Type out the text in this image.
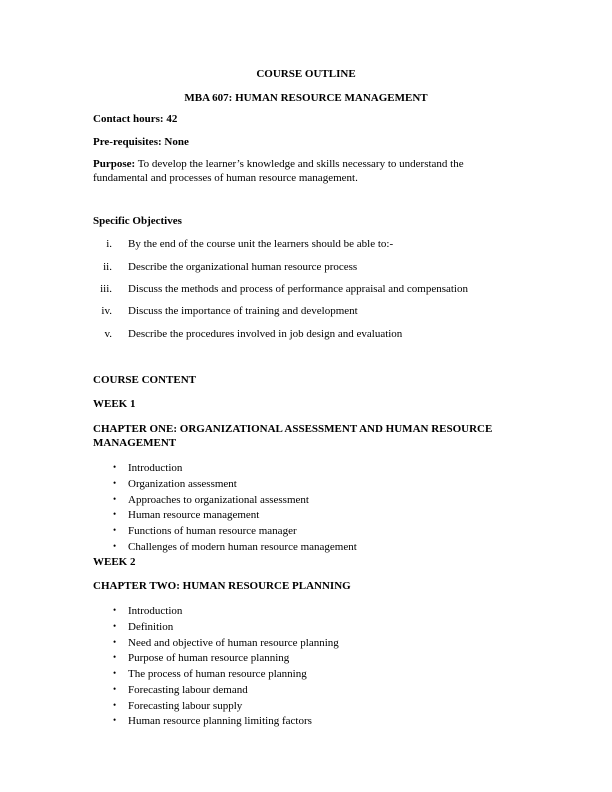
COURSE OUTLINE
MBA 607: HUMAN RESOURCE MANAGEMENT
Contact hours: 42
Pre-requisites: None
Purpose: To develop the learner’s knowledge and skills necessary to understand the fundamental and processes of human resource management.
Specific Objectives
i. By the end of the course unit the learners should be able to:-
ii. Describe the organizational human resource process
iii. Discuss the methods and process of performance appraisal and compensation
iv. Discuss the importance of training and development
v. Describe the procedures involved in job design and evaluation
COURSE CONTENT
WEEK 1
CHAPTER ONE: ORGANIZATIONAL ASSESSMENT AND HUMAN RESOURCE
MANAGEMENT
• Introduction
• Organization assessment
• Approaches to organizational assessment
• Human resource management
• Functions of human resource manager
• Challenges of modern human resource management
WEEK 2
CHAPTER TWO: HUMAN RESOURCE PLANNING
• Introduction
• Definition
• Need and objective of human resource planning
• Purpose of human resource planning
• The process of human resource planning
• Forecasting labour demand
• Forecasting labour supply
• Human resource planning limiting factors
